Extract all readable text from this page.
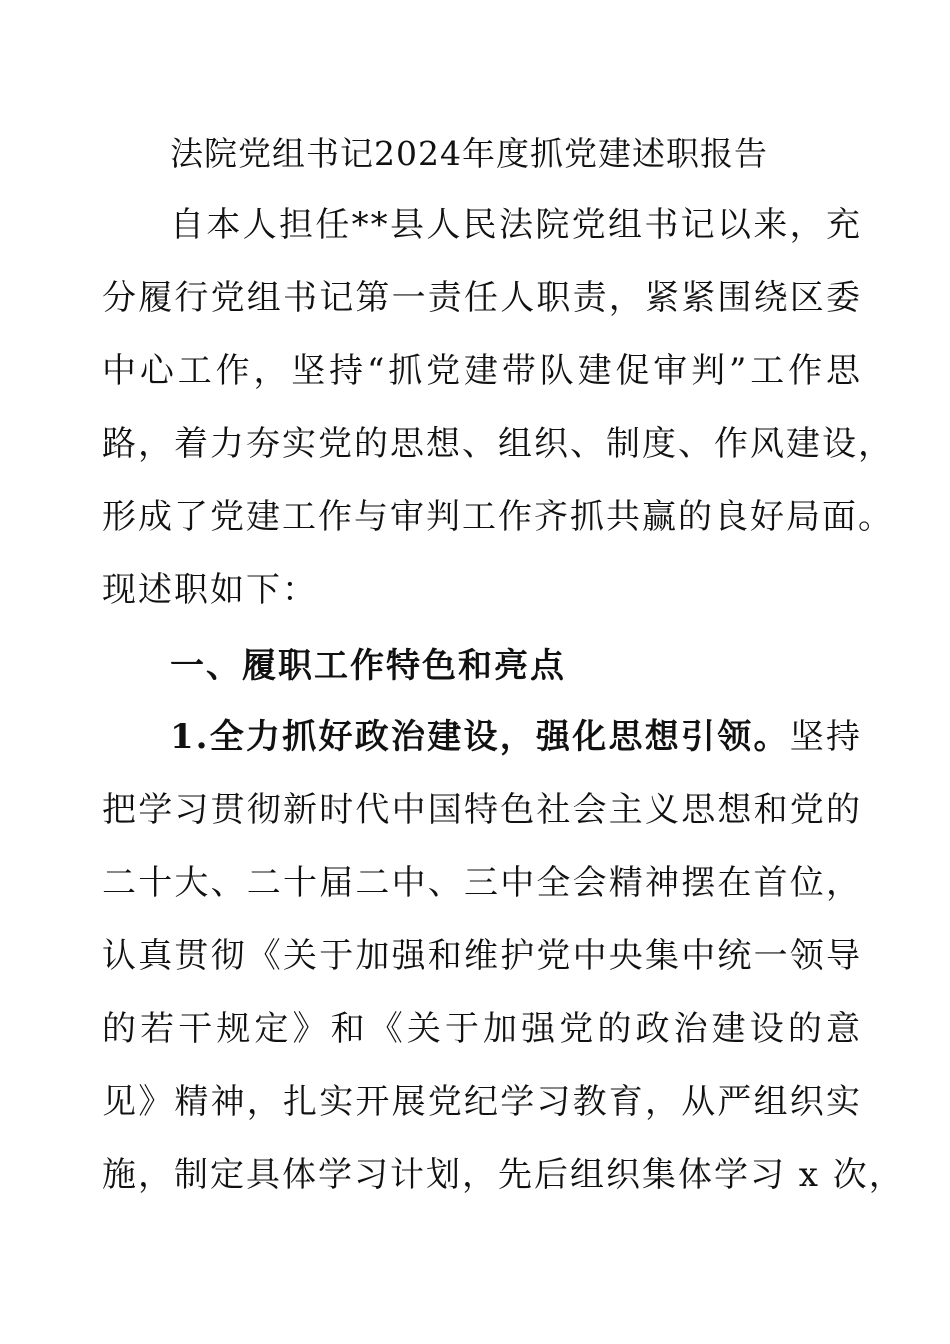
法院党组书记2024年度抓党建述职报告
自本人担任**县人民法院党组书记以来，充
分履行党组书记第一责任人职责，紧紧围绕区委
中心工作，坚持“抓党建带队建促审判”工作思
路，着力夯实党的思想、组织、制度、作风建设，
形成了党建工作与审判工作齐抓共赢的良好局面。
现述职如下：
一、履职工作特色和亮点
1.全力抓好政治建设，强化思想引领。坚持
把学习贯彻新时代中国特色社会主义思想和党的
二十大、二十届二中、三中全会精神摆在首位，
认真贯彻《关于加强和维护党中央集中统一领导
的若干规定》和《关于加强党的政治建设的意
见》精神，扎实开展党纪学习教育，从严组织实
施，制定具体学习计划，先后组织集体学习 x 次，
